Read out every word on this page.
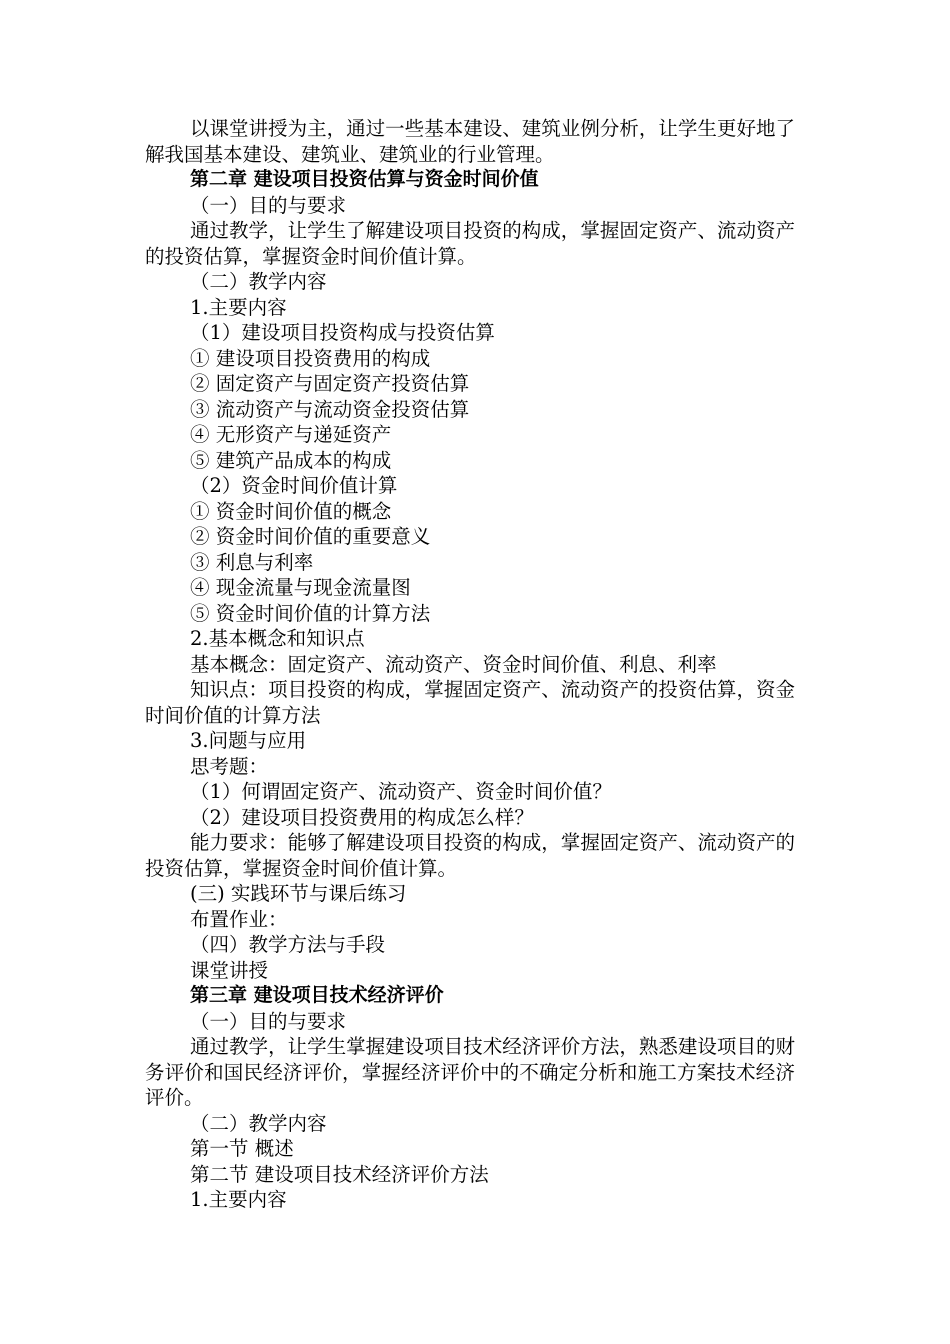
以课堂讲授为主，通过一些基本建设、建筑业例分析，让学生更好地了解我国基本建设、建筑业、建筑业的行业管理。

第二章 建设项目投资估算与资金时间价值

（一）目的与要求

通过教学，让学生了解建设项目投资的构成，掌握固定资产、流动资产的投资估算，掌握资金时间价值计算。

（二）教学内容

1.主要内容

（1）建设项目投资构成与投资估算

① 建设项目投资费用的构成

② 固定资产与固定资产投资估算

③ 流动资产与流动资金投资估算

④ 无形资产与递延资产

⑤ 建筑产品成本的构成

（2）资金时间价值计算

① 资金时间价值的概念

② 资金时间价值的重要意义

③ 利息与利率

④ 现金流量与现金流量图

⑤ 资金时间价值的计算方法

2.基本概念和知识点

基本概念：固定资产、流动资产、资金时间价值、利息、利率

知识点：项目投资的构成，掌握固定资产、流动资产的投资估算，资金时间价值的计算方法

3.问题与应用

思考题：

（1）何谓固定资产、流动资产、资金时间价值？

（2）建设项目投资费用的构成怎么样？

能力要求：能够了解建设项目投资的构成，掌握固定资产、流动资产的投资估算，掌握资金时间价值计算。

(三) 实践环节与课后练习

布置作业：

（四）教学方法与手段

课堂讲授

第三章 建设项目技术经济评价

（一）目的与要求

通过教学，让学生掌握建设项目技术经济评价方法，熟悉建设项目的财务评价和国民经济评价，掌握经济评价中的不确定分析和施工方案技术经济评价。

（二）教学内容

第一节 概述

第二节 建设项目技术经济评价方法

1.主要内容
